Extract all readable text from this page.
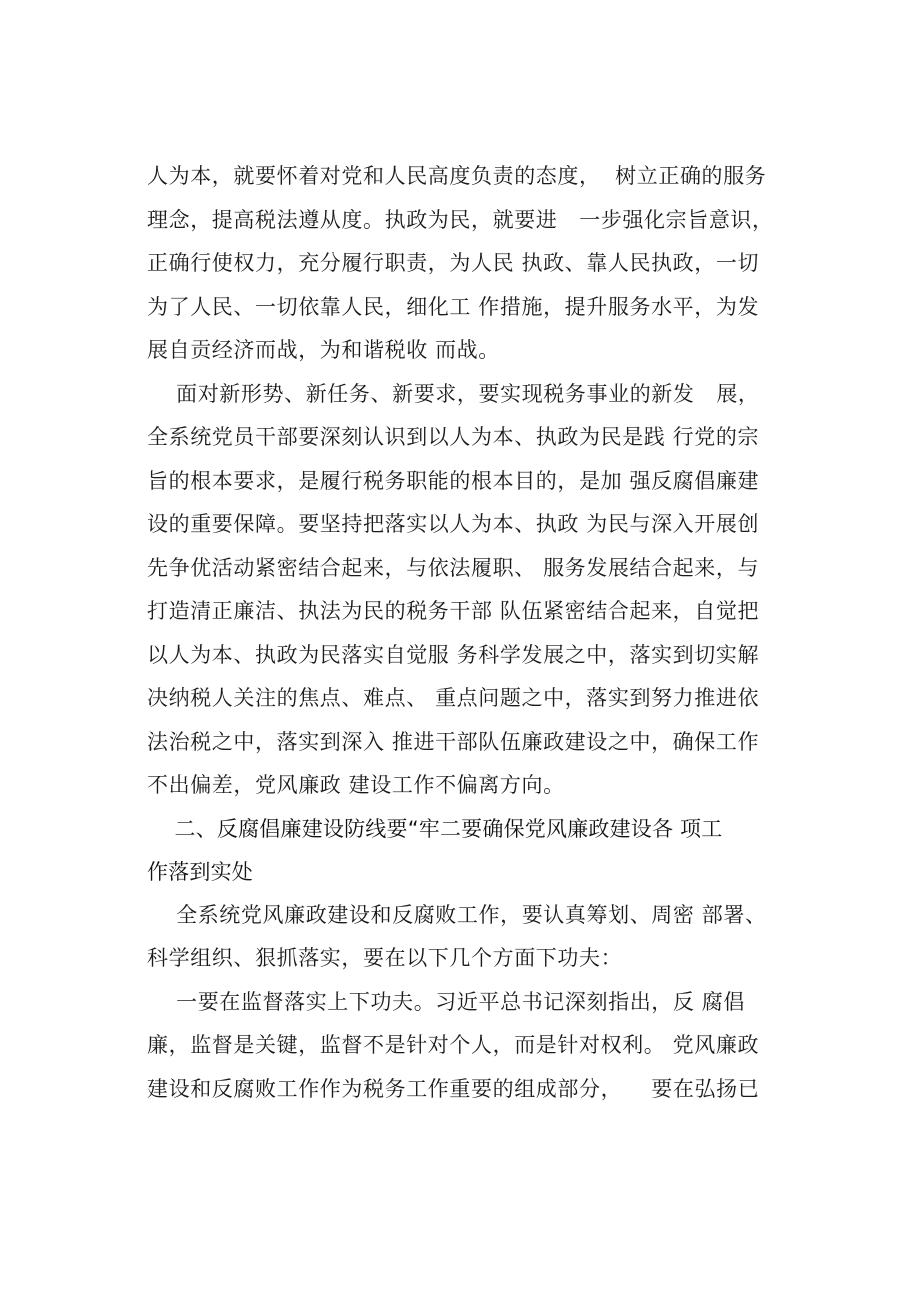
人为本，就要怀着对党和人民高度负责的态度，  树立正确的服务
理念，提高税法遵从度。执政为民，就要进   一步强化宗旨意识，
正确行使权力，充分履行职责，为人民 执政、靠人民执政，一切
为了人民、一切依靠人民，细化工 作措施，提升服务水平，为发
展自贡经济而战，为和谐税收 而战。
面对新形势、新任务、新要求，要实现税务事业的新发   展，
全系统党员干部要深刻认识到以人为本、执政为民是践 行党的宗
旨的根本要求，是履行税务职能的根本目的，是加 强反腐倡廉建
设的重要保障。要坚持把落实以人为本、执政 为民与深入开展创
先争优活动紧密结合起来，与依法履职、 服务发展结合起来，与
打造清正廉洁、执法为民的税务干部 队伍紧密结合起来，自觉把
以人为本、执政为民落实自觉服 务科学发展之中，落实到切实解
决纳税人关注的焦点、难点、 重点问题之中，落实到努力推进依
法治税之中，落实到深入 推进干部队伍廉政建设之中，确保工作
不出偏差，党风廉政 建设工作不偏离方向。
二、反腐倡廉建设防线要“牢二要确保党风廉政建设各 项工
作落到实处
全系统党风廉政建设和反腐败工作，要认真筹划、周密 部署、
科学组织、狠抓落实，要在以下几个方面下功夫：
一要在监督落实上下功夫。习近平总书记深刻指出，反 腐倡
廉，监督是关键，监督不是针对个人，而是针对权利。 党风廉政
建设和反腐败工作作为税务工作重要的组成部分，    要在弘扬已
